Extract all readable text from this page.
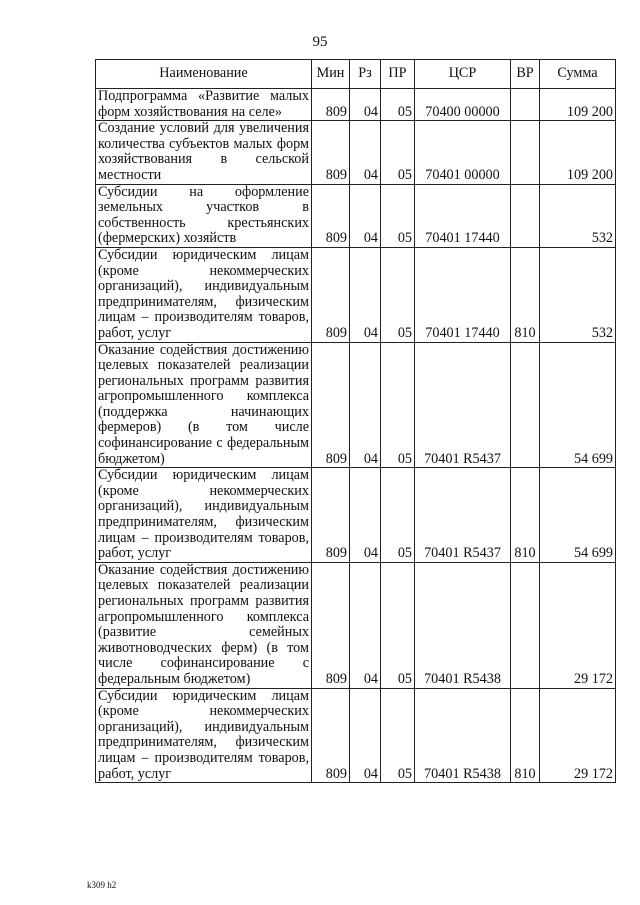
95
Наименование	Мин	Рз	ПР	ЦСР	ВР	Сумма
Подпрограмма «Развитие малых форм хозяйствования на селе»	809	04	05	70400 00000		109 200
Создание условий для увеличения количества субъектов малых форм хозяйствования в сельской местности	809	04	05	70401 00000		109 200
Субсидии на оформление земельных участков в собственность крестьянских (фермерских) хозяйств	809	04	05	70401 17440		532
Субсидии юридическим лицам (кроме некоммерческих организаций), индивидуальным предпринимателям, физическим лицам – производителям товаров, работ, услуг	809	04	05	70401 17440	810	532
Оказание содействия достижению целевых показателей реализации региональных программ развития агропромышленного комплекса (поддержка начинающих фермеров) (в том числе софинансирование с федеральным бюджетом)	809	04	05	70401 R5437		54 699
Субсидии юридическим лицам (кроме некоммерческих организаций), индивидуальным предпринимателям, физическим лицам – производителям товаров, работ, услуг	809	04	05	70401 R5437	810	54 699
Оказание содействия достижению целевых показателей реализации региональных программ развития агропромышленного комплекса (развитие семейных животноводческих ферм) (в том числе софинансирование с федеральным бюджетом)	809	04	05	70401 R5438		29 172
Субсидии юридическим лицам (кроме некоммерческих организаций), индивидуальным предпринимателям, физическим лицам – производителям товаров, работ, услуг	809	04	05	70401 R5438	810	29 172
k309 h2
